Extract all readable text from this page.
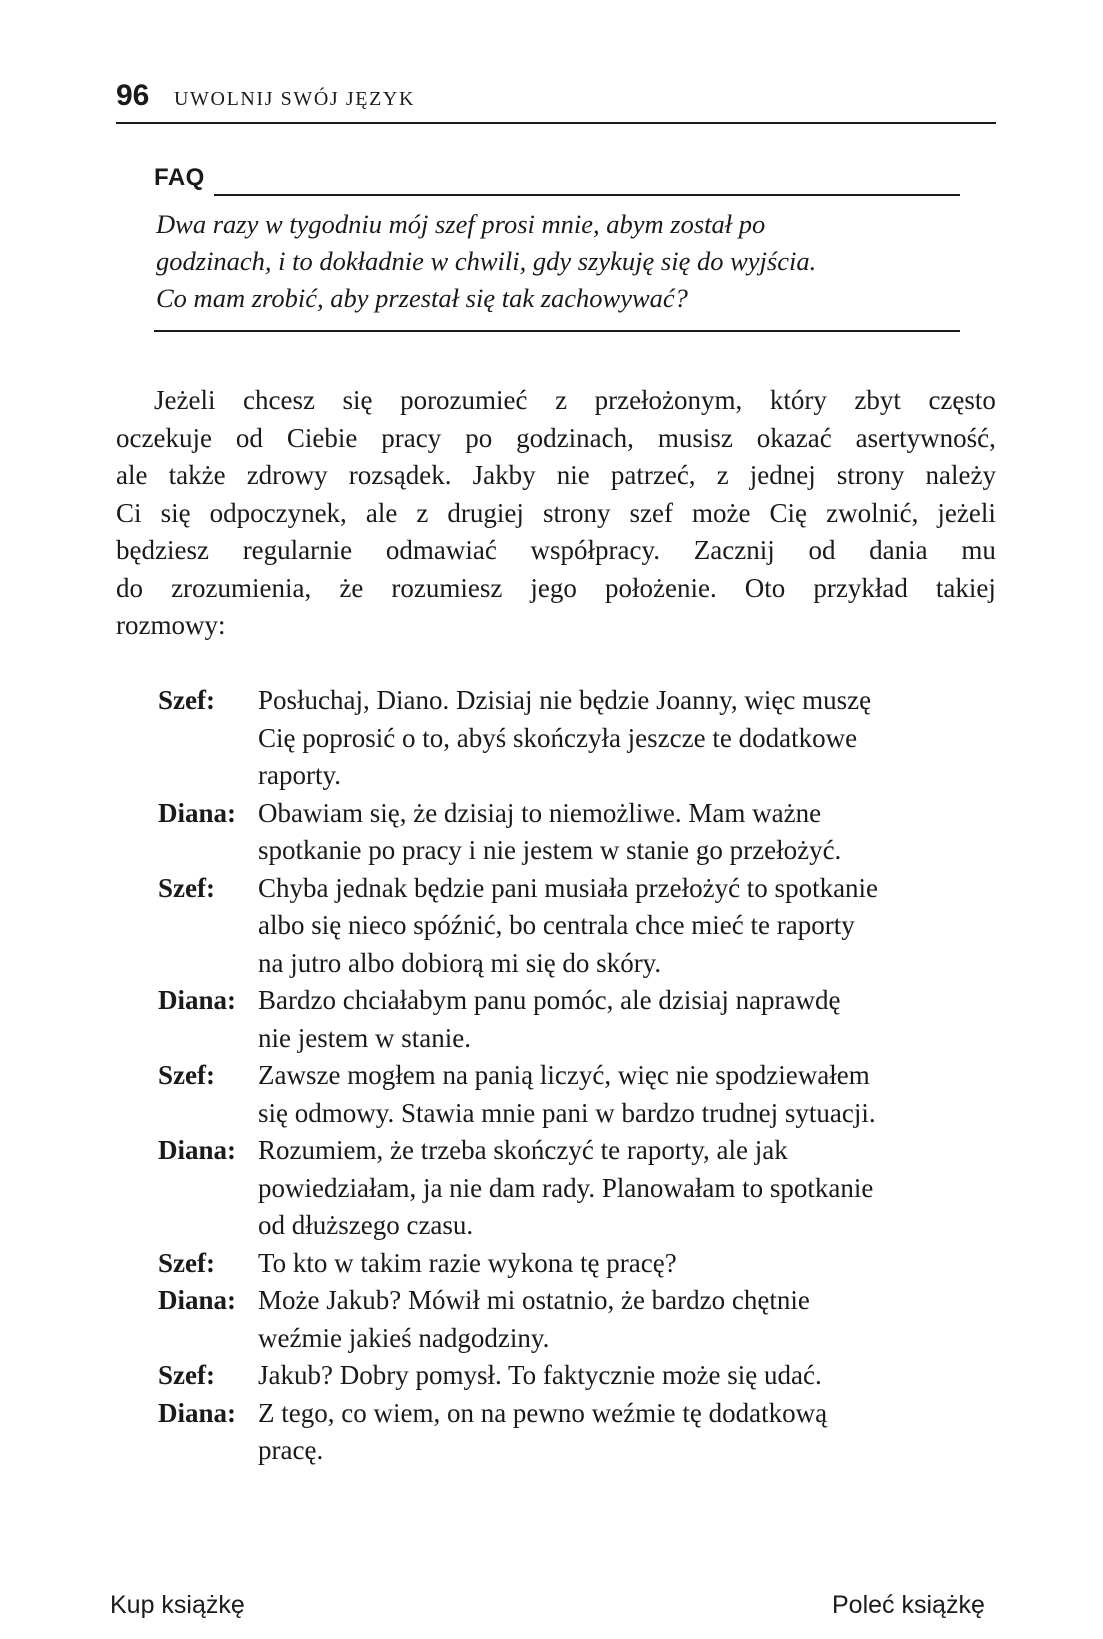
96 UWOLNIJ SWÓJ JĘZYK
FAQ
Dwa razy w tygodniu mój szef prosi mnie, abym został po
godzinach, i to dokładnie w chwili, gdy szykuję się do wyjścia.
Co mam zrobić, aby przestał się tak zachowywać?
Jeżeli chcesz się porozumieć z przełożonym, który zbyt często
oczekuje od Ciebie pracy po godzinach, musisz okazać asertywność,
ale także zdrowy rozsądek. Jakby nie patrzeć, z jednej strony należy
Ci się odpoczynek, ale z drugiej strony szef może Cię zwolnić, jeżeli
będziesz regularnie odmawiać współpracy. Zacznij od dania mu
do zrozumienia, że rozumiesz jego położenie. Oto przykład takiej
rozmowy:
Szef: Posłuchaj, Diano. Dzisiaj nie będzie Joanny, więc muszę
Cię poprosić o to, abyś skończyła jeszcze te dodatkowe
raporty.
Diana: Obawiam się, że dzisiaj to niemożliwe. Mam ważne
spotkanie po pracy i nie jestem w stanie go przełożyć.
Szef: Chyba jednak będzie pani musiała przełożyć to spotkanie
albo się nieco spóźnić, bo centrala chce mieć te raporty
na jutro albo dobiorą mi się do skóry.
Diana: Bardzo chciałabym panu pomóc, ale dzisiaj naprawdę
nie jestem w stanie.
Szef: Zawsze mogłem na panią liczyć, więc nie spodziewałem
się odmowy. Stawia mnie pani w bardzo trudnej sytuacji.
Diana: Rozumiem, że trzeba skończyć te raporty, ale jak
powiedziałam, ja nie dam rady. Planowałam to spotkanie
od dłuższego czasu.
Szef: To kto w takim razie wykona tę pracę?
Diana: Może Jakub? Mówił mi ostatnio, że bardzo chętnie
weźmie jakieś nadgodziny.
Szef: Jakub? Dobry pomysł. To faktycznie może się udać.
Diana: Z tego, co wiem, on na pewno weźmie tę dodatkową
pracę.
Kup książkę	Poleć książkę
